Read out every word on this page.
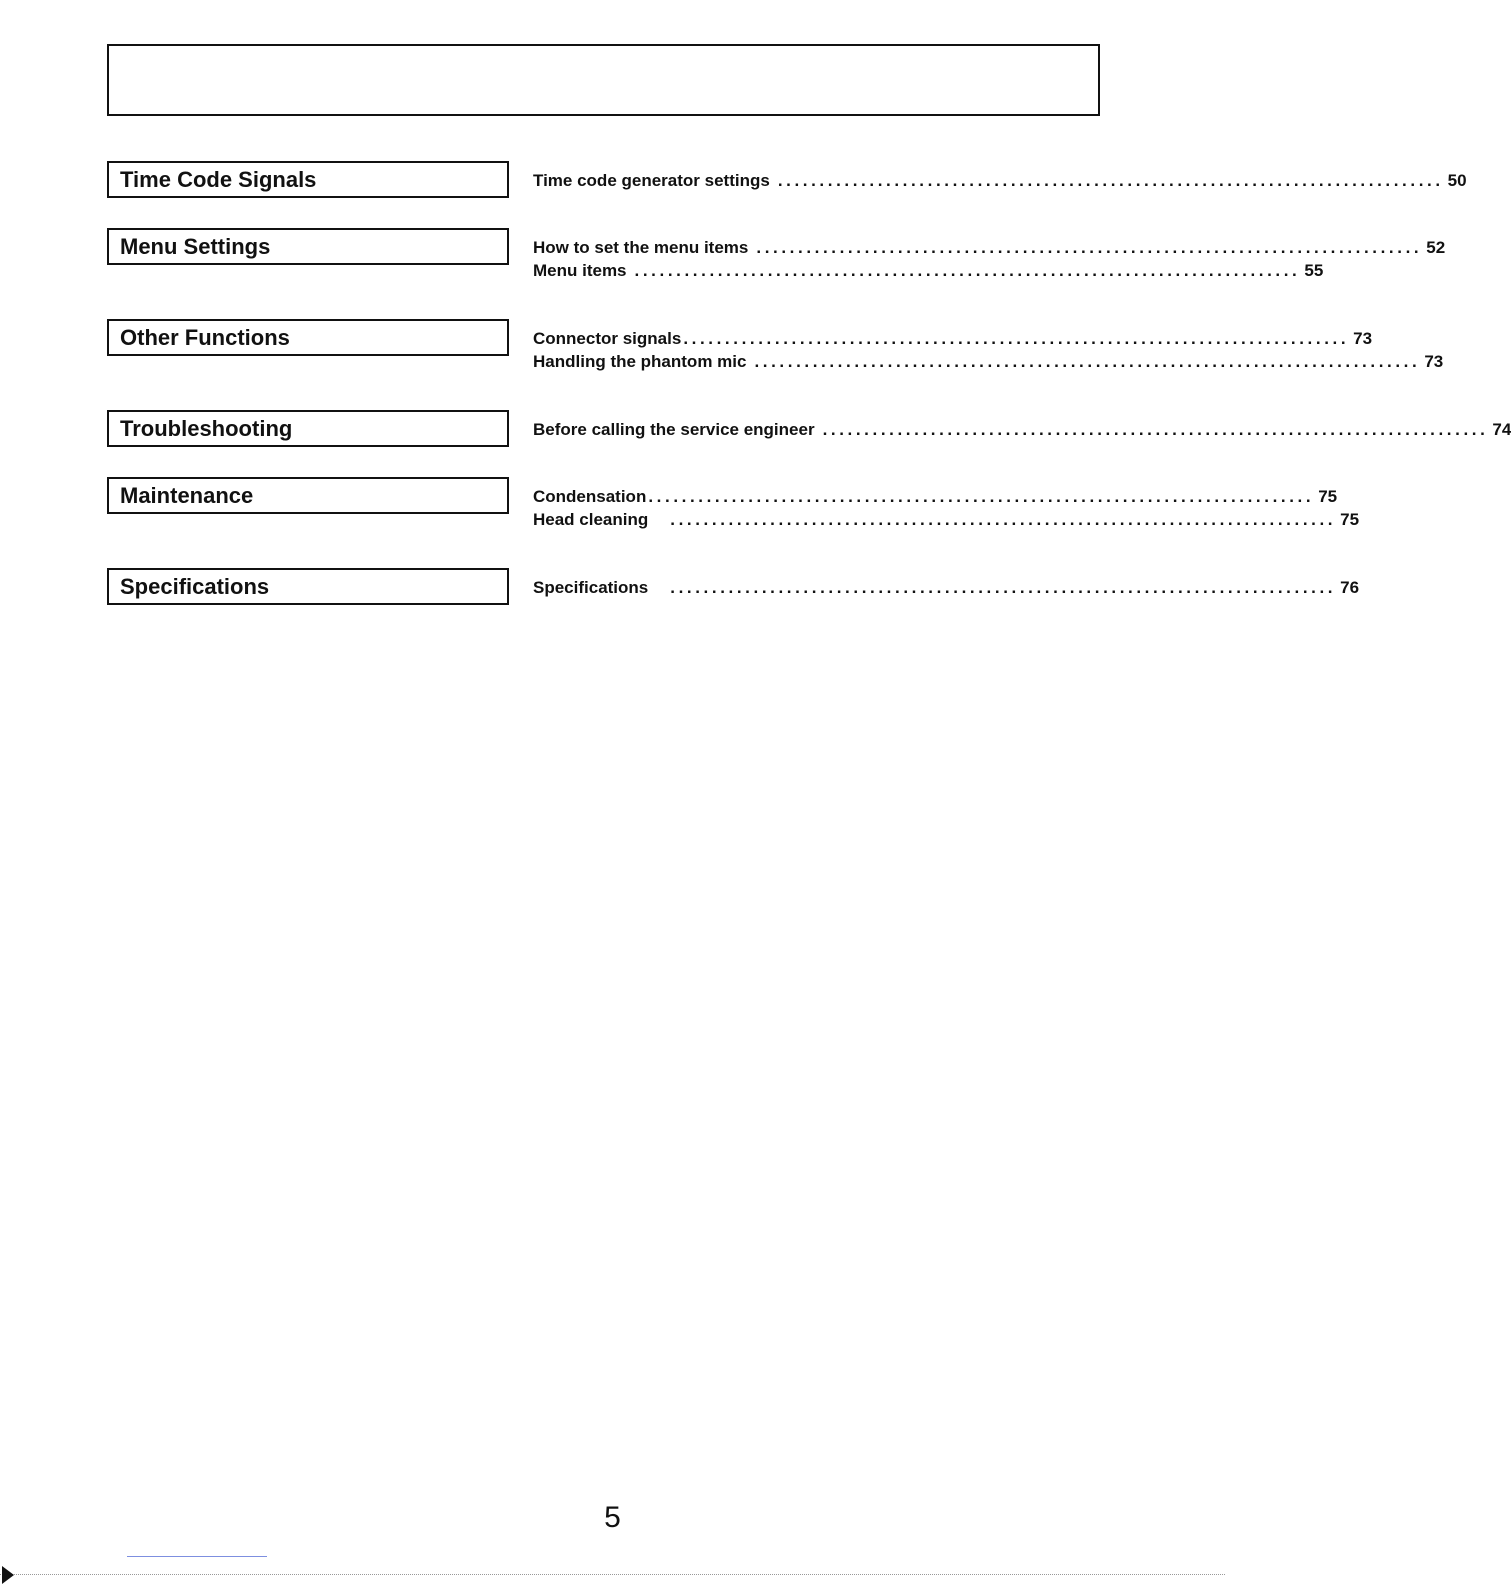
Time Code Signals	Time code generator settings ................................................................................ 50
Menu Settings	How to set the menu items ................................................................................ 52
Menu items ................................................................................ 55
Other Functions	Connector signals ................................................................................ 73
Handling the phantom mic ................................................................................ 73
Troubleshooting	Before calling the service engineer ................................................................................ 74
Maintenance	Condensation ................................................................................ 75
Head cleaning ................................................................................ 75
Specifications	Specifications ................................................................................ 76
5
